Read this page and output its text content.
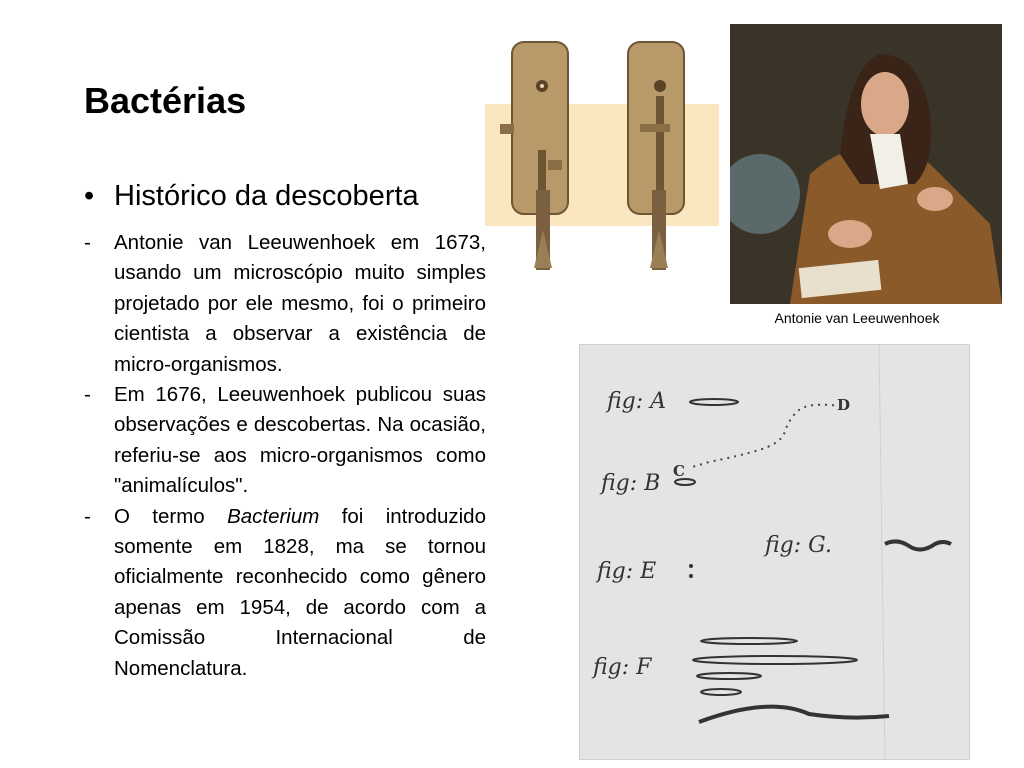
Bactérias
• Histórico da descoberta
-	Antonie van Leeuwenhoek em 1673, usando um microscópio muito simples projetado por ele mesmo, foi o primeiro cientista a observar a existência de micro-organismos.
-	Em 1676, Leeuwenhoek publicou suas observações e descobertas. Na ocasião, referiu-se aos micro-organismos como "animalículos".
-	O termo Bacterium foi introduzido somente em 1828, ma se tornou oficialmente reconhecido como gênero apenas em 1954, de acordo com a Comissão Internacional de Nomenclatura.
Antonie van Leeuwenhoek
fig: A	D
fig: B C
fig: G.
fig: E
fig: F
